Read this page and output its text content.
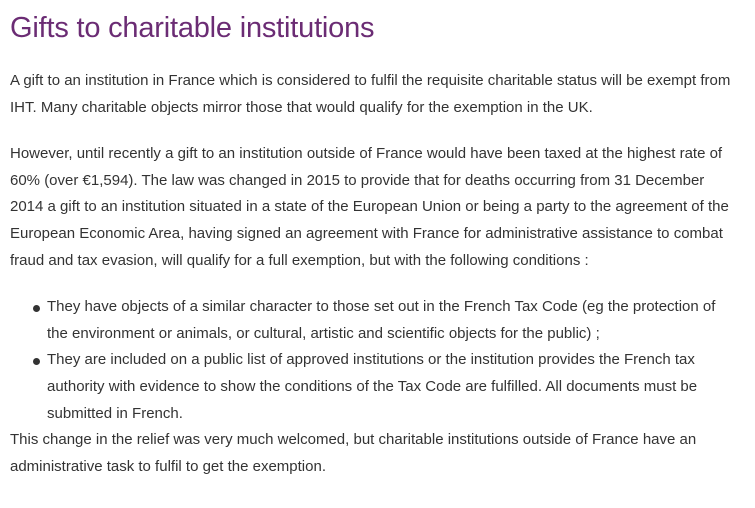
Gifts to charitable institutions

A gift to an institution in France which is considered to fulfil the requisite charitable status will be exempt from IHT. Many charitable objects mirror those that would qualify for the exemption in the UK.

However, until recently a gift to an institution outside of France would have been taxed at the highest rate of 60% (over €1,594). The law was changed in 2015 to provide that for deaths occurring from 31 December 2014 a gift to an institution situated in a state of the European Union or being a party to the agreement of the European Economic Area, having signed an agreement with France for administrative assistance to combat fraud and tax evasion, will qualify for a full exemption, but with the following conditions :

They have objects of a similar character to those set out in the French Tax Code (eg the protection of the environment or animals, or cultural, artistic and scientific objects for the public) ;
They are included on a public list of approved institutions or the institution provides the French tax authority with evidence to show the conditions of the Tax Code are fulfilled. All documents must be submitted in French.

This change in the relief was very much welcomed, but charitable institutions outside of France have an administrative task to fulfil to get the exemption.
